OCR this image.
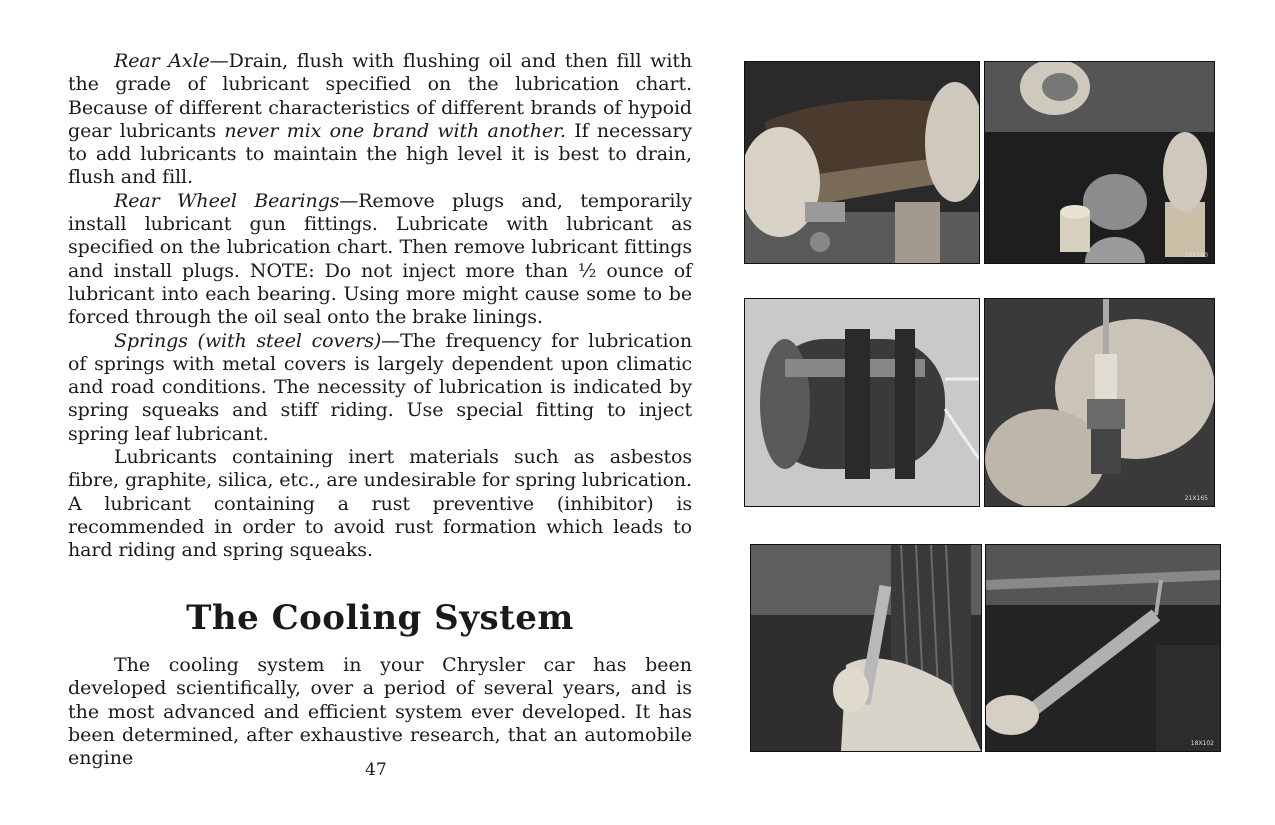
Rear Axle—Drain, flush with flushing oil and then fill with the grade of lubricant specified on the lubrication chart. Because of different characteristics of different brands of hypoid gear lubricants never mix one brand with another. If necessary to add lubricants to maintain the high level it is best to drain, flush and fill.

Rear Wheel Bearings—Remove plugs and, temporarily install lubricant gun fittings. Lubricate with lubricant as specified on the lubrication chart. Then remove lubricant fittings and install plugs. NOTE: Do not inject more than ½ ounce of lubricant into each bearing. Using more might cause some to be forced through the oil seal onto the brake linings.

Springs (with steel covers)—The frequency for lubrication of springs with metal covers is largely dependent upon climatic and road conditions. The necessity of lubrication is indicated by spring squeaks and stiff riding. Use special fitting to inject spring leaf lubricant.

Lubricants containing inert materials such as asbestos fibre, graphite, silica, etc., are undesirable for spring lubrication. A lubricant containing a rust preventive (inhibitor) is recommended in order to avoid rust formation which leads to hard riding and spring squeaks.

The Cooling System

The cooling system in your Chrysler car has been developed scientifically, over a period of several years, and is the most advanced and efficient system ever developed. It has been determined, after exhaustive research, that an automobile engine

47
18X100
21X165
18X102
